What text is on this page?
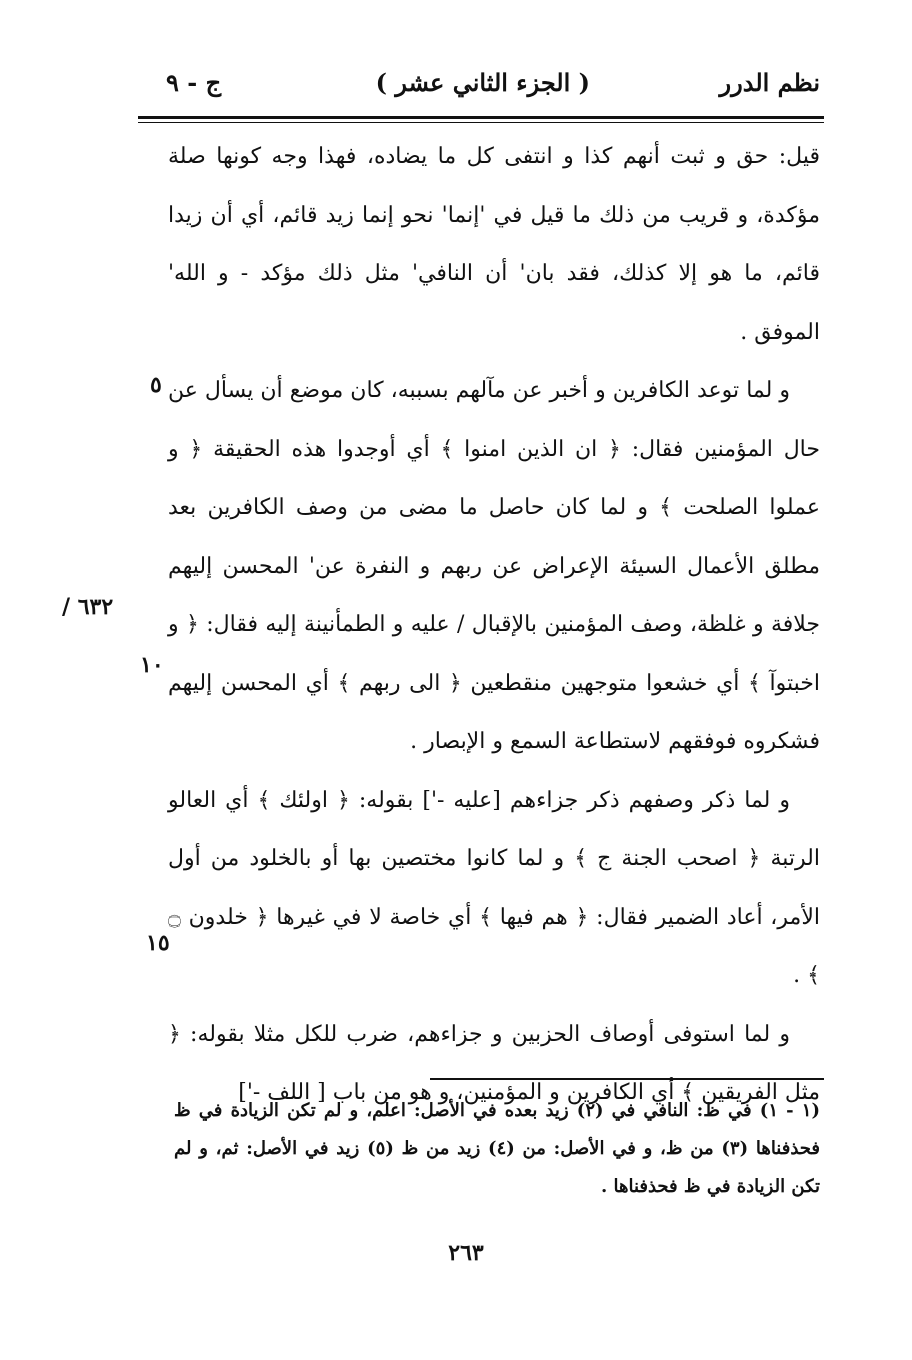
نظم الدرر
( الجزء الثاني عشر )
ج - ٩

قيل: حق و ثبت أنهم كذا و انتفى كل ما يضاده، فهذا وجه كونها صلة مؤكدة، و قريب من ذلك ما قيل في 'إنما' نحو إنما زيد قائم، أي أن زيدا قائم، ما هو إلا كذلك، فقد بان' أن النافي' مثل ذلك مؤكد - و الله' الموفق .

و لما توعد الكافرين و أخبر عن مآلهم بسببه، كان موضع أن يسأل عن حال المؤمنين فقال: ﴿ ان الذين امنوا ﴾ أي أوجدوا هذه الحقيقة ﴿ و عملوا الصلحت ﴾ و لما كان حاصل ما مضى من وصف الكافرين بعد مطلق الأعمال السيئة الإعراض عن ربهم و النفرة عن' المحسن إليهم جلافة و غلظة، وصف المؤمنين بالإقبال / عليه و الطمأنينة إليه فقال: ﴿ و اخبتوآ ﴾ أي خشعوا متوجهين منقطعين ﴿ الى ربهم ﴾ أي المحسن إليهم فشكروه فوفقهم لاستطاعة السمع و الإبصار .

و لما ذكر وصفهم ذكر جزاءهم [عليه -'] بقوله: ﴿ اولئك ﴾ أي العالو الرتبة ﴿ اصحب الجنة ج ﴾ و لما كانوا مختصين بها أو بالخلود من أول الأمر، أعاد الضمير فقال: ﴿ هم فيها ﴾ أي خاصة لا في غيرها ﴿ خلدون ۝ ﴾ .

و لما استوفى أوصاف الحزبين و جزاءهم، ضرب للكل مثلا بقوله: ﴿ مثل الفريقين ﴾ أي الكافرين و المؤمنين، و هو من باب [ اللف -']

٥
١٠
١٥
٦٣٢ /

(١ - ١) في ظ: النافي في (٢) زيد بعده في الأصل: اعلم، و لم تكن الزيادة في ظ فحذفناها (٣) من ظ، و في الأصل: من (٤) زيد من ظ (٥) زيد في الأصل: ثم، و لم تكن الزيادة في ظ فحذفناها .

٢٦٣
